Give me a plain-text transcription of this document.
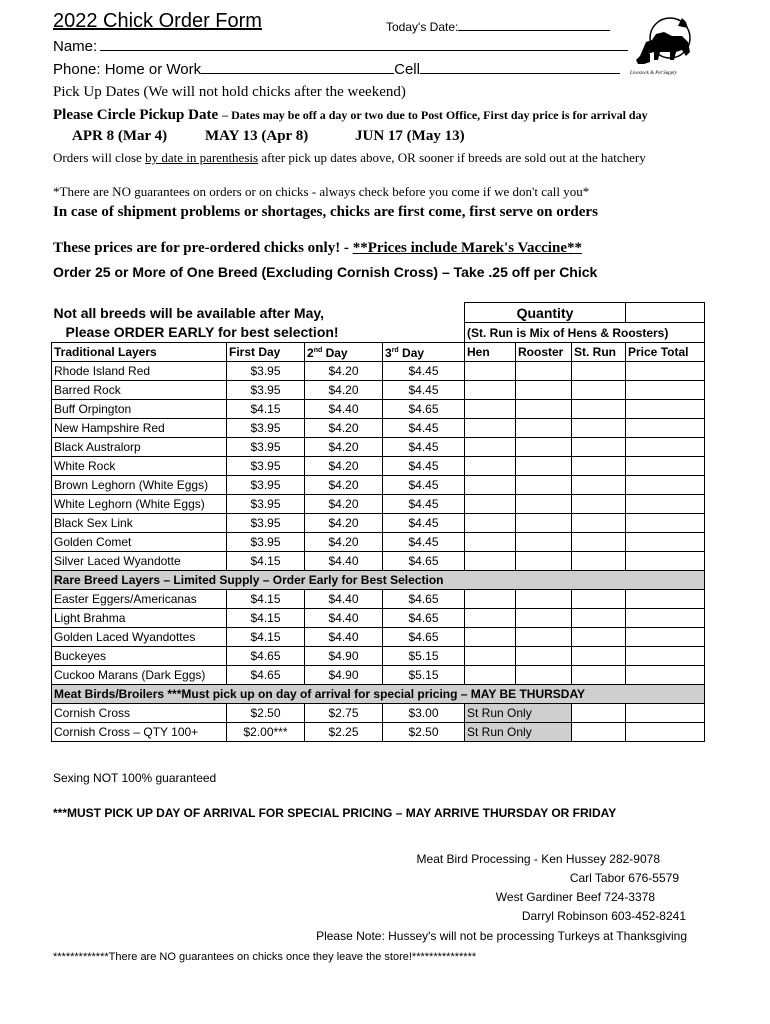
2022 Chick Order Form	Today's Date:
Livestock & Pet Supply
Name:
Phone: Home or Work	Cell
Pick Up Dates (We will not hold chicks after the weekend)
Please Circle Pickup Date – Dates may be off a day or two due to Post Office, First day price is for arrival day
APR 8 (Mar 4)	MAY 13 (Apr 8)	JUN 17 (May 13)
Orders will close by date in parenthesis after pick up dates above, OR sooner if breeds are sold out at the hatchery
*There are NO guarantees on orders or on chicks - always check before you come if we don't call you*
In case of shipment problems or shortages, chicks are first come, first serve on orders
These prices are for pre-ordered chicks only! - **Prices include Marek's Vaccine**
Order 25 or More of One Breed (Excluding Cornish Cross) – Take .25 off per Chick
Not all breeds will be available after May,				Quantity			
Please ORDER EARLY for best selection!				(St. Run is Mix of Hens & Roosters)			
Traditional Layers	First Day	2nd Day	3rd Day	Hen	Rooster	St. Run	Price Total
Rhode Island Red	$3.95	$4.20	$4.45				
Barred Rock	$3.95	$4.20	$4.45				
Buff Orpington	$4.15	$4.40	$4.65				
New Hampshire Red	$3.95	$4.20	$4.45				
Black Australorp	$3.95	$4.20	$4.45				
White Rock	$3.95	$4.20	$4.45				
Brown Leghorn (White Eggs)	$3.95	$4.20	$4.45				
White Leghorn (White Eggs)	$3.95	$4.20	$4.45				
Black Sex Link	$3.95	$4.20	$4.45				
Golden Comet	$3.95	$4.20	$4.45				
Silver Laced Wyandotte	$4.15	$4.40	$4.65				
Rare Breed Layers – Limited Supply – Order Early for Best Selection							
Easter Eggers/Americanas	$4.15	$4.40	$4.65				
Light Brahma	$4.15	$4.40	$4.65				
Golden Laced Wyandottes	$4.15	$4.40	$4.65				
Buckeyes	$4.65	$4.90	$5.15				
Cuckoo Marans (Dark Eggs)	$4.65	$4.90	$5.15				
Meat Birds/Broilers ***Must pick up on day of arrival for special pricing – MAY BE THURSDAY							
Cornish Cross	$2.50	$2.75	$3.00	St Run Only			
Cornish Cross – QTY 100+	$2.00***	$2.25	$2.50	St Run Only			
Sexing NOT 100% guaranteed
***MUST PICK UP DAY OF ARRIVAL FOR SPECIAL PRICING – MAY ARRIVE THURSDAY OR FRIDAY
Meat Bird Processing - Ken Hussey 282-9078
Carl Tabor 676-5579
West Gardiner Beef 724-3378
Darryl Robinson 603-452-8241
Please Note: Hussey's will not be processing Turkeys at Thanksgiving
*************There are NO guarantees on chicks once they leave the store!***************
